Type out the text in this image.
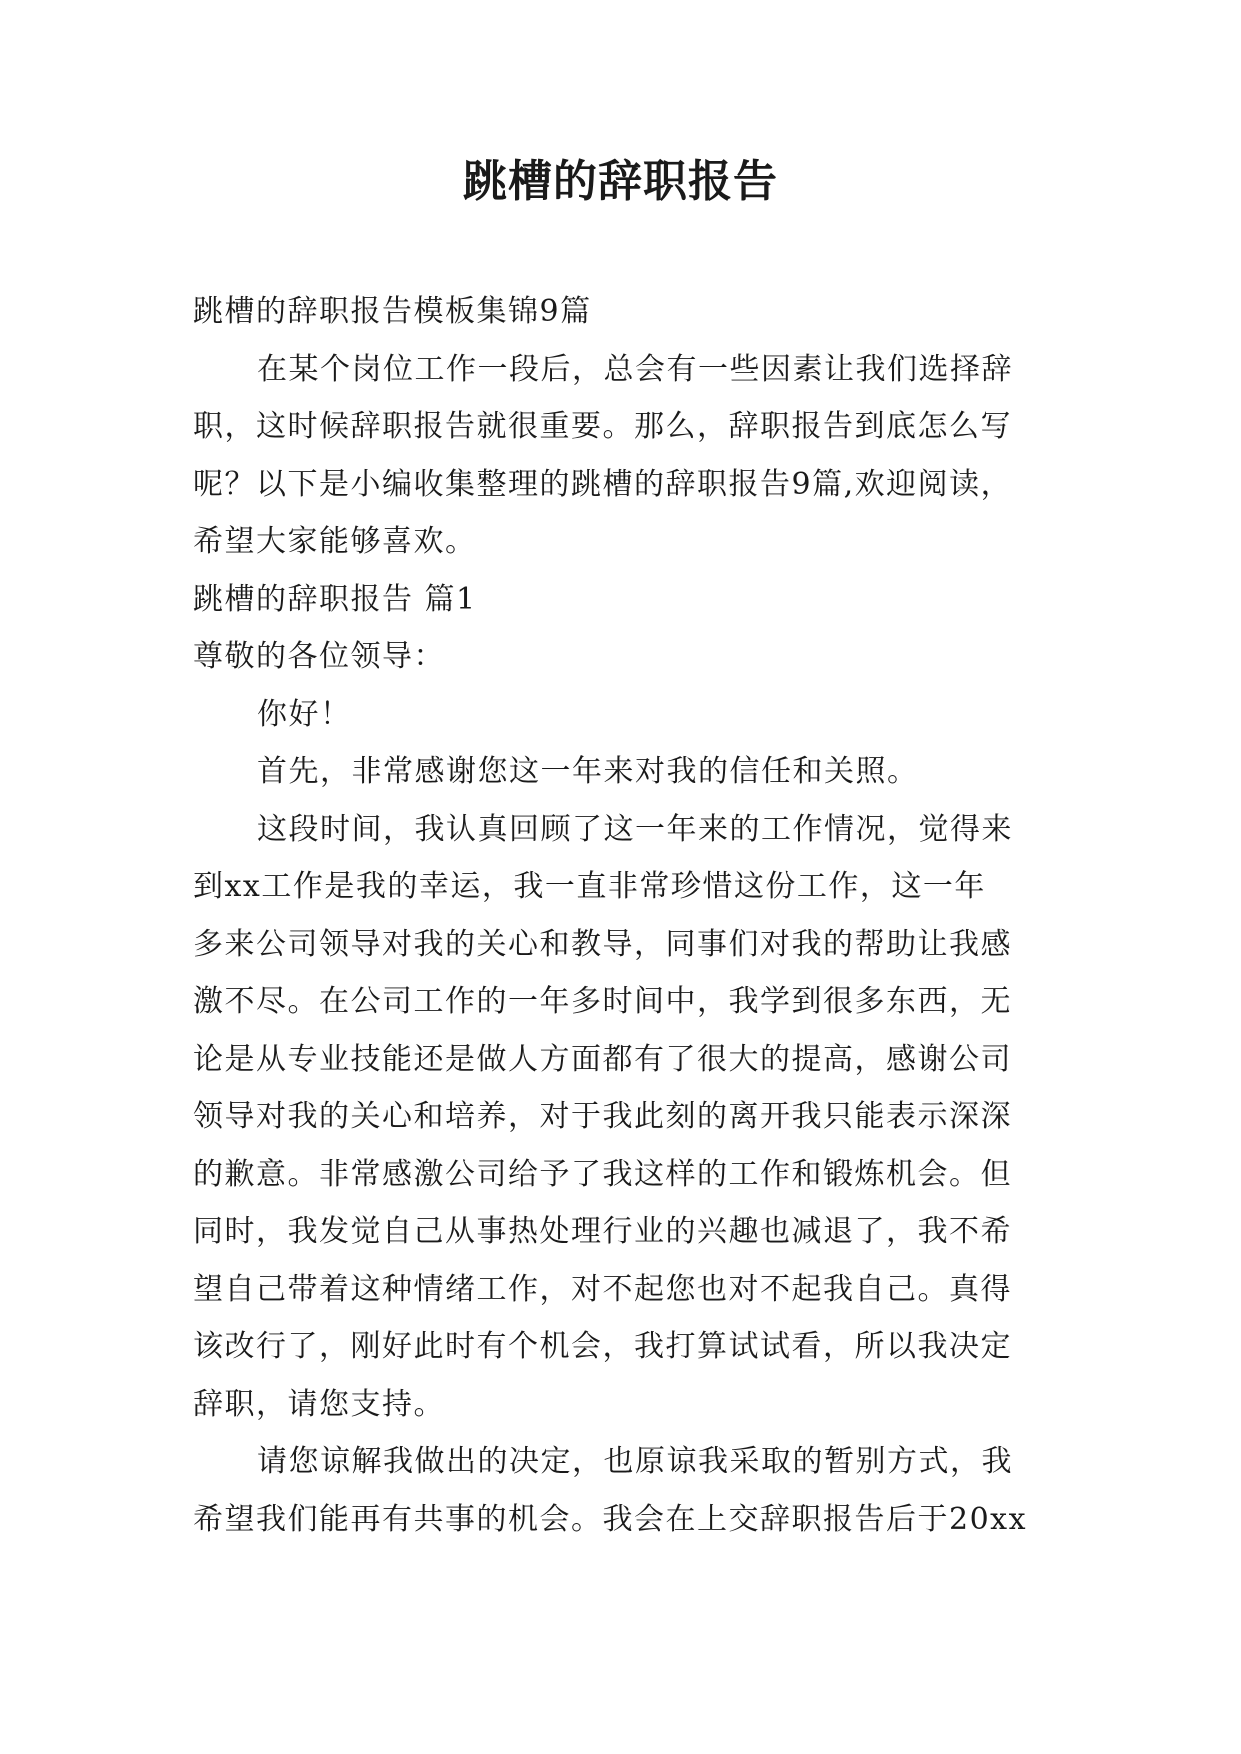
跳槽的辞职报告

跳槽的辞职报告模板集锦9篇

在某个岗位工作一段后，总会有一些因素让我们选择辞
职，这时候辞职报告就很重要。那么，辞职报告到底怎么写
呢？以下是小编收集整理的跳槽的辞职报告9篇,欢迎阅读，
希望大家能够喜欢。

跳槽的辞职报告 篇1

尊敬的各位领导：

你好！

首先，非常感谢您这一年来对我的信任和关照。

这段时间，我认真回顾了这一年来的工作情况，觉得来
到xx工作是我的幸运，我一直非常珍惜这份工作，这一年
多来公司领导对我的关心和教导，同事们对我的帮助让我感
激不尽。在公司工作的一年多时间中，我学到很多东西，无
论是从专业技能还是做人方面都有了很大的提高，感谢公司
领导对我的关心和培养，对于我此刻的离开我只能表示深深
的歉意。非常感激公司给予了我这样的工作和锻炼机会。但
同时，我发觉自己从事热处理行业的兴趣也减退了，我不希
望自己带着这种情绪工作，对不起您也对不起我自己。真得
该改行了，刚好此时有个机会，我打算试试看，所以我决定
辞职，请您支持。

请您谅解我做出的决定，也原谅我采取的暂别方式，我
希望我们能再有共事的机会。我会在上交辞职报告后于20xx
